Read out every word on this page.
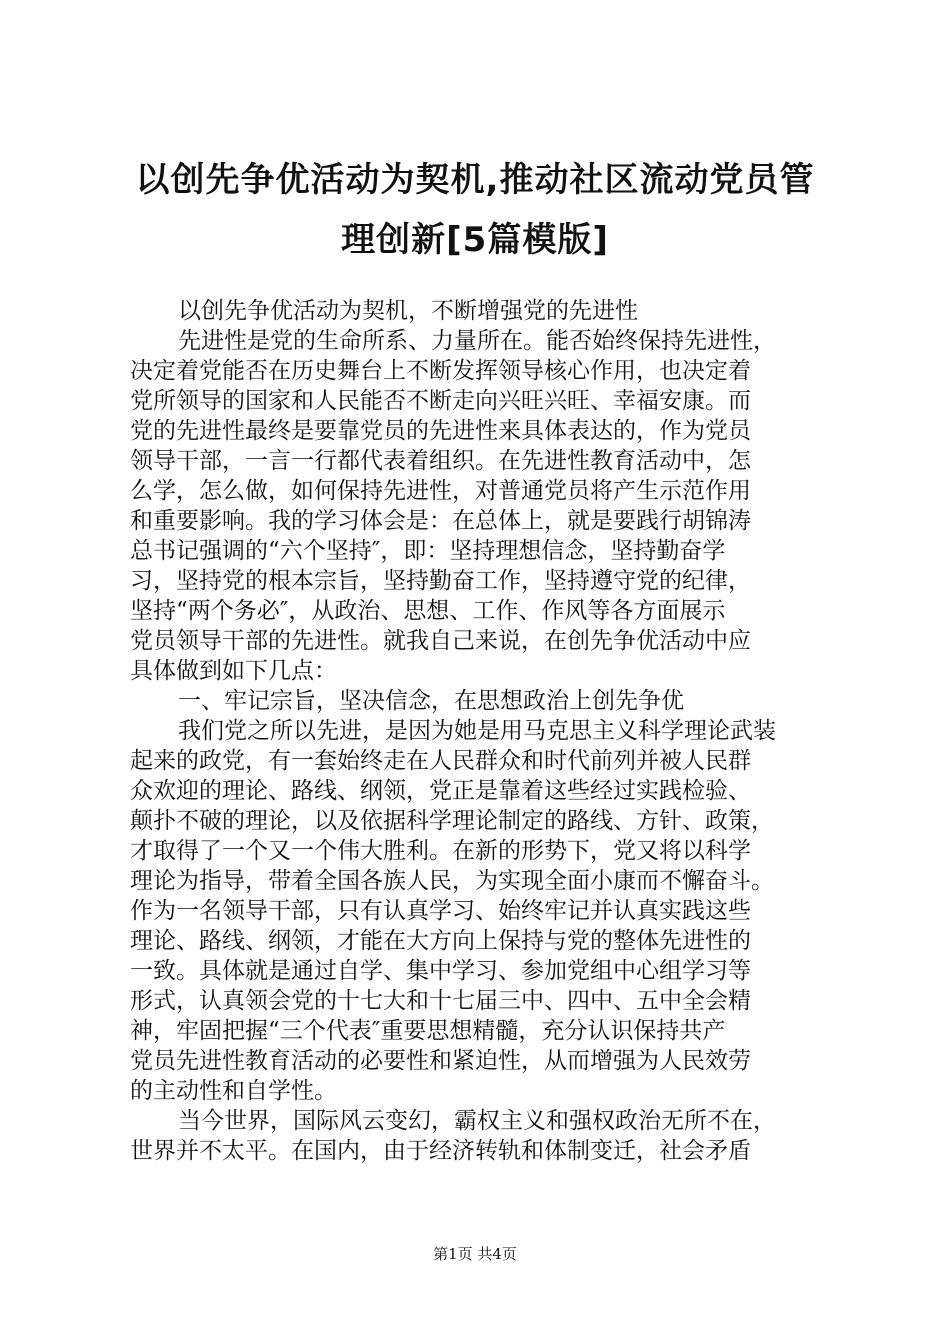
以创先争优活动为契机,推动社区流动党员管
理创新[5篇模版]
以创先争优活动为契机，不断增强党的先进性
先进性是党的生命所系、力量所在。能否始终保持先进性，
决定着党能否在历史舞台上不断发挥领导核心作用，也决定着
党所领导的国家和人民能否不断走向兴旺兴旺、幸福安康。而
党的先进性最终是要靠党员的先进性来具体表达的，作为党员
领导干部，一言一行都代表着组织。在先进性教育活动中，怎
么学，怎么做，如何保持先进性，对普通党员将产生示范作用
和重要影响。我的学习体会是：在总体上，就是要践行胡锦涛
总书记强调的“六个坚持″，即：坚持理想信念，坚持勤奋学
习，坚持党的根本宗旨，坚持勤奋工作，坚持遵守党的纪律，
坚持“两个务必″，从政治、思想、工作、作风等各方面展示
党员领导干部的先进性。就我自己来说，在创先争优活动中应
具体做到如下几点：
一、牢记宗旨，坚决信念，在思想政治上创先争优
我们党之所以先进，是因为她是用马克思主义科学理论武装
起来的政党，有一套始终走在人民群众和时代前列并被人民群
众欢迎的理论、路线、纲领，党正是靠着这些经过实践检验、
颠扑不破的理论，以及依据科学理论制定的路线、方针、政策，
才取得了一个又一个伟大胜利。在新的形势下，党又将以科学
理论为指导，带着全国各族人民，为实现全面小康而不懈奋斗。
作为一名领导干部，只有认真学习、始终牢记并认真实践这些
理论、路线、纲领，才能在大方向上保持与党的整体先进性的
一致。具体就是通过自学、集中学习、参加党组中心组学习等
形式，认真领会党的十七大和十七届三中、四中、五中全会精
神，牢固把握“三个代表″重要思想精髓，充分认识保持共产
党员先进性教育活动的必要性和紧迫性，从而增强为人民效劳
的主动性和自学性。
当今世界，国际风云变幻，霸权主义和强权政治无所不在，
世界并不太平。在国内，由于经济转轨和体制变迁，社会矛盾
第1页 共4页
